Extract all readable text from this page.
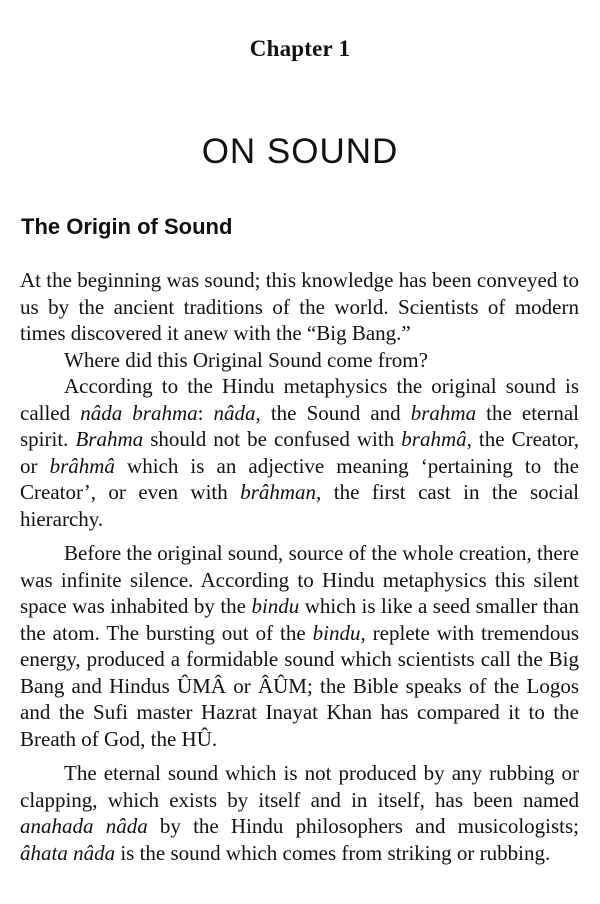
Chapter 1
ON SOUND
The Origin of Sound

At the beginning was sound; this knowledge has been conveyed to us by the ancient traditions of the world. Scientists of modern times discovered it anew with the “Big Bang.”

Where did this Original Sound come from?

According to the Hindu metaphysics the original sound is called nâda brahma: nâda, the Sound and brahma the eternal spirit. Brahma should not be confused with brahmâ, the Creator, or brâhmâ which is an adjective meaning ‘pertaining to the Creator’, or even with brâhman, the first cast in the social hierarchy.

Before the original sound, source of the whole creation, there was infinite silence. According to Hindu metaphysics this silent space was inhabited by the bindu which is like a seed smaller than the atom. The bursting out of the bindu, replete with tremendous energy, produced a formidable sound which scientists call the Big Bang and Hindus ÛMÂ or ÂÛM; the Bible speaks of the Logos and the Sufi master Hazrat Inayat Khan has compared it to the Breath of God, the HÛ.

The eternal sound which is not produced by any rubbing or clapping, which exists by itself and in itself, has been named anahada nâda by the Hindu philosophers and musicologists; âhata nâda is the sound which comes from striking or rubbing.
